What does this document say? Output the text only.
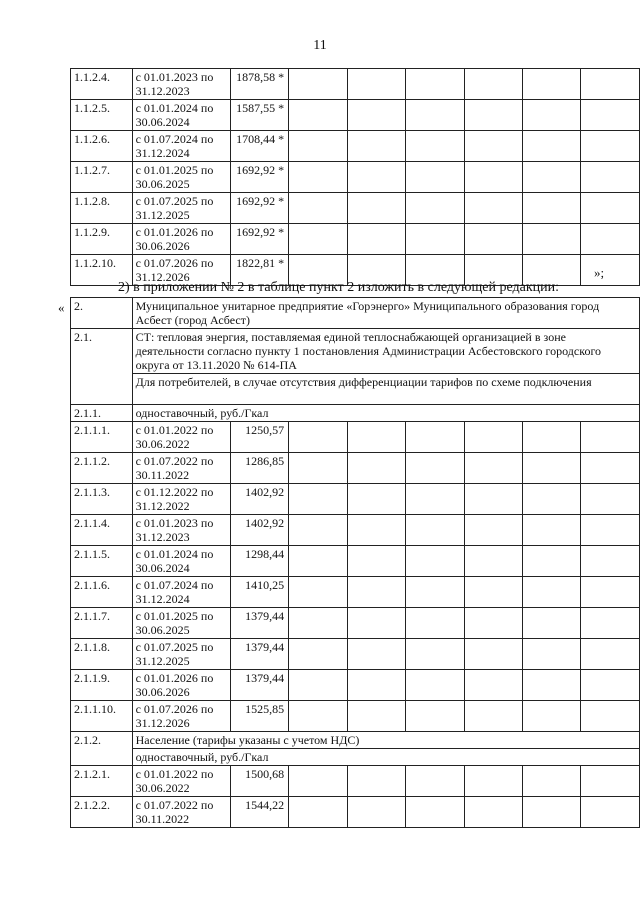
11
1.1.2.4.	с 01.01.2023 по 31.12.2023	1878,58 *						
1.1.2.5.	с 01.01.2024 по 30.06.2024	1587,55 *						
1.1.2.6.	с 01.07.2024 по 31.12.2024	1708,44 *						
1.1.2.7.	с 01.01.2025 по 30.06.2025	1692,92 *						
1.1.2.8.	с 01.07.2025 по 31.12.2025	1692,92 *						
1.1.2.9.	с 01.01.2026 по 30.06.2026	1692,92 *						
1.1.2.10.	с 01.07.2026 по 31.12.2026	1822,81 *						
»;
2) в приложении № 2 в таблице пункт 2 изложить в следующей редакции:
« 2.	Муниципальное унитарное предприятие «Горэнерго» Муниципального образования город Асбест (город Асбест)							
2.1.	СТ: тепловая энергия, поставляемая единой теплоснабжающей организацией в зоне деятельности согласно пункту 1 постановления Администрации Асбестовского городского округа от 13.11.2020 № 614-ПА							
	Для потребителей, в случае отсутствия дифференциации тарифов по схеме подключения							
2.1.1.	одноставочный, руб./Гкал							
2.1.1.1.	с 01.01.2022 по 30.06.2022	1250,57						
2.1.1.2.	с 01.07.2022 по 30.11.2022	1286,85						
2.1.1.3.	с 01.12.2022 по 31.12.2022	1402,92						
2.1.1.4.	с 01.01.2023 по 31.12.2023	1402,92						
2.1.1.5.	с 01.01.2024 по 30.06.2024	1298,44						
2.1.1.6.	с 01.07.2024 по 31.12.2024	1410,25						
2.1.1.7.	с 01.01.2025 по 30.06.2025	1379,44						
2.1.1.8.	с 01.07.2025 по 31.12.2025	1379,44						
2.1.1.9.	с 01.01.2026 по 30.06.2026	1379,44						
2.1.1.10.	с 01.07.2026 по 31.12.2026	1525,85						
2.1.2.	Население (тарифы указаны с учетом НДС)							
	одноставочный, руб./Гкал							
2.1.2.1.	с 01.01.2022 по 30.06.2022	1500,68						
2.1.2.2.	с 01.07.2022 по 30.11.2022	1544,22						
